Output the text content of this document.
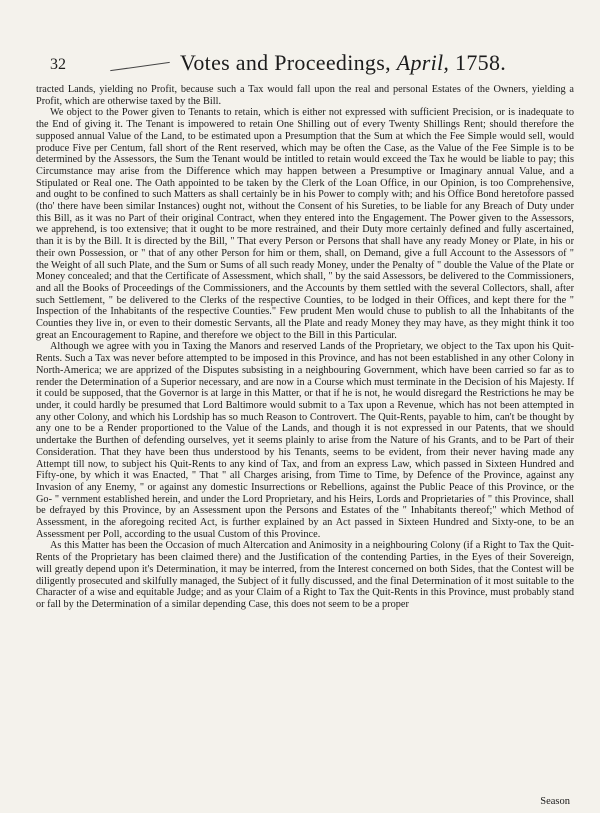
32	Votes and Proceedings, April, 1758.

tracted Lands, yielding no Profit, because such a Tax would fall upon the real and personal Estates of the Owners, yielding a Profit, which are otherwise taxed by the Bill.

We object to the Power given to Tenants to retain, which is either not expressed with sufficient Precision, or is inadequate to the End of giving it. The Tenant is impowered to retain One Shilling out of every Twenty Shillings Rent; should therefore the supposed annual Value of the Land, to be estimated upon a Presumption that the Sum at which the Fee Simple would sell, would produce Five per Centum, fall short of the Rent reserved, which may be often the Case, as the Value of the Fee Simple is to be determined by the Assessors, the Sum the Tenant would be intitled to retain would exceed the Tax he would be liable to pay; this Circumstance may arise from the Difference which may happen between a Presumptive or Imaginary annual Value, and a Stipulated or Real one. The Oath appointed to be taken by the Clerk of the Loan Office, in our Opinion, is too Comprehensive, and ought to be confined to such Matters as shall certainly be in his Power to comply with; and his Office Bond heretofore passed (tho' there have been similar Instances) ought not, without the Consent of his Sureties, to be liable for any Breach of Duty under this Bill, as it was no Part of their original Contract, when they entered into the Engagement. The Power given to the Assessors, we apprehend, is too extensive; that it ought to be more restrained, and their Duty more certainly defined and fully ascertained, than it is by the Bill. It is directed by the Bill, " That every Person or Persons that shall have any ready Money or Plate, in his or their own Possession, or " that of any other Person for him or them, shall, on Demand, give a full Account to the Assessors of " the Weight of all such Plate, and the Sum or Sums of all such ready Money, under the Penalty of " double the Value of the Plate or Money concealed; and that the Certificate of Assessment, which shall, " by the said Assessors, be delivered to the Commissioners, and all the Books of Proceedings of the Commissioners, and the Accounts by them settled with the several Collectors, shall, after such Settlement, " be delivered to the Clerks of the respective Counties, to be lodged in their Offices, and kept there for the " Inspection of the Inhabitants of the respective Counties." Few prudent Men would chuse to publish to all the Inhabitants of the Counties they live in, or even to their domestic Servants, all the Plate and ready Money they may have, as they might think it too great an Encouragement to Rapine, and therefore we object to the Bill in this Particular.

Although we agree with you in Taxing the Manors and reserved Lands of the Proprietary, we object to the Tax upon his Quit-Rents. Such a Tax was never before attempted to be imposed in this Province, and has not been established in any other Colony in North-America; we are apprized of the Disputes subsisting in a neighbouring Government, which have been carried so far as to render the Determination of a Superior necessary, and are now in a Course which must terminate in the Decision of his Majesty. If it could be supposed, that the Governor is at large in this Matter, or that if he is not, he would disregard the Restrictions he may be under, it could hardly be presumed that Lord Baltimore would submit to a Tax upon a Revenue, which has not been attempted in any other Colony, and which his Lordship has so much Reason to Controvert. The Quit-Rents, payable to him, can't be thought by any one to be a Render proportioned to the Value of the Lands, and though it is not expressed in our Patents, that we should undertake the Burthen of defending ourselves, yet it seems plainly to arise from the Nature of his Grants, and to be Part of their Consideration. That they have been thus understood by his Tenants, seems to be evident, from their never having made any Attempt till now, to subject his Quit-Rents to any kind of Tax, and from an express Law, which passed in Sixteen Hundred and Fifty-one, by which it was Enacted, " That " all Charges arising, from Time to Time, by Defence of the Province, against any Invasion of any Enemy, " or against any domestic Insurrections or Rebellions, against the Public Peace of this Province, or the Go- " vernment established herein, and under the Lord Proprietary, and his Heirs, Lords and Proprietaries of " this Province, shall be defrayed by this Province, by an Assessment upon the Persons and Estates of the " Inhabitants thereof;" which Method of Assessment, in the aforegoing recited Act, is further explained by an Act passed in Sixteen Hundred and Sixty-one, to be an Assessment per Poll, according to the usual Custom of this Province.

As this Matter has been the Occasion of much Altercation and Animosity in a neighbouring Colony (if a Right to Tax the Quit-Rents of the Proprietary has been claimed there) and the Justification of the contending Parties, in the Eyes of their Sovereign, will greatly depend upon it's Determination, it may be interred, from the Interest concerned on both Sides, that the Contest will be diligently prosecuted and skilfully managed, the Subject of it fully discussed, and the final Determination of it most suitable to the Character of a wise and equitable Judge; and as your Claim of a Right to Tax the Quit-Rents in this Province, must probably stand or fall by the Determination of a similar depending Case, this does not seem to be a proper

Season
